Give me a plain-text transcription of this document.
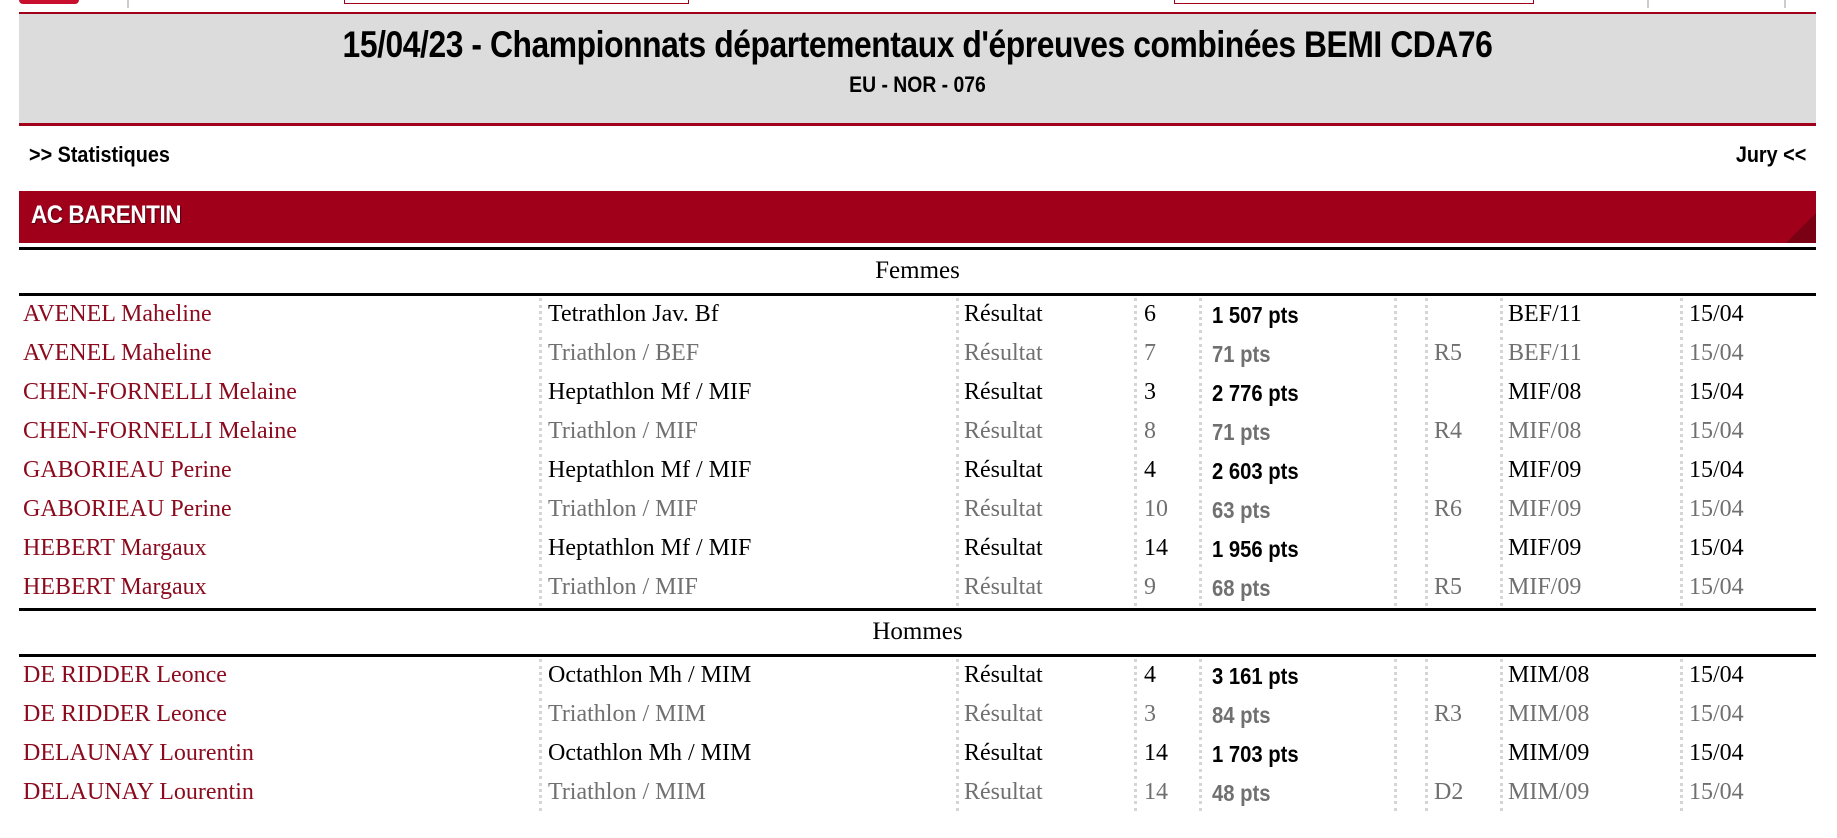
15/04/23 - Championnats départementaux d'épreuves combinées BEMI CDA76
EU - NOR - 076
>> Statistiques	Jury <<
AC BARENTIN
Femmes
AVENEL Maheline	Tetrathlon Jav. Bf	Résultat	6 1 507 pts	BEF/11	15/04
AVENEL Maheline	Triathlon / BEF	Résultat	7 71 pts	R5 BEF/11	15/04
CHEN-FORNELLI Melaine	Heptathlon Mf / MIF	Résultat	3 2 776 pts	MIF/08	15/04
CHEN-FORNELLI Melaine	Triathlon / MIF	Résultat	8 71 pts	R4 MIF/08	15/04
GABORIEAU Perine	Heptathlon Mf / MIF	Résultat	4 2 603 pts	MIF/09	15/04
GABORIEAU Perine	Triathlon / MIF	Résultat	10 63 pts	R6 MIF/09	15/04
HEBERT Margaux	Heptathlon Mf / MIF	Résultat	14 1 956 pts	MIF/09	15/04
HEBERT Margaux	Triathlon / MIF	Résultat	9 68 pts	R5 MIF/09	15/04
Hommes
DE RIDDER Leonce	Octathlon Mh / MIM	Résultat	4 3 161 pts	MIM/08	15/04
DE RIDDER Leonce	Triathlon / MIM	Résultat	3 84 pts	R3 MIM/08	15/04
DELAUNAY Lourentin	Octathlon Mh / MIM	Résultat	14 1 703 pts	MIM/09	15/04
DELAUNAY Lourentin	Triathlon / MIM	Résultat	14 48 pts	D2 MIM/09	15/04
